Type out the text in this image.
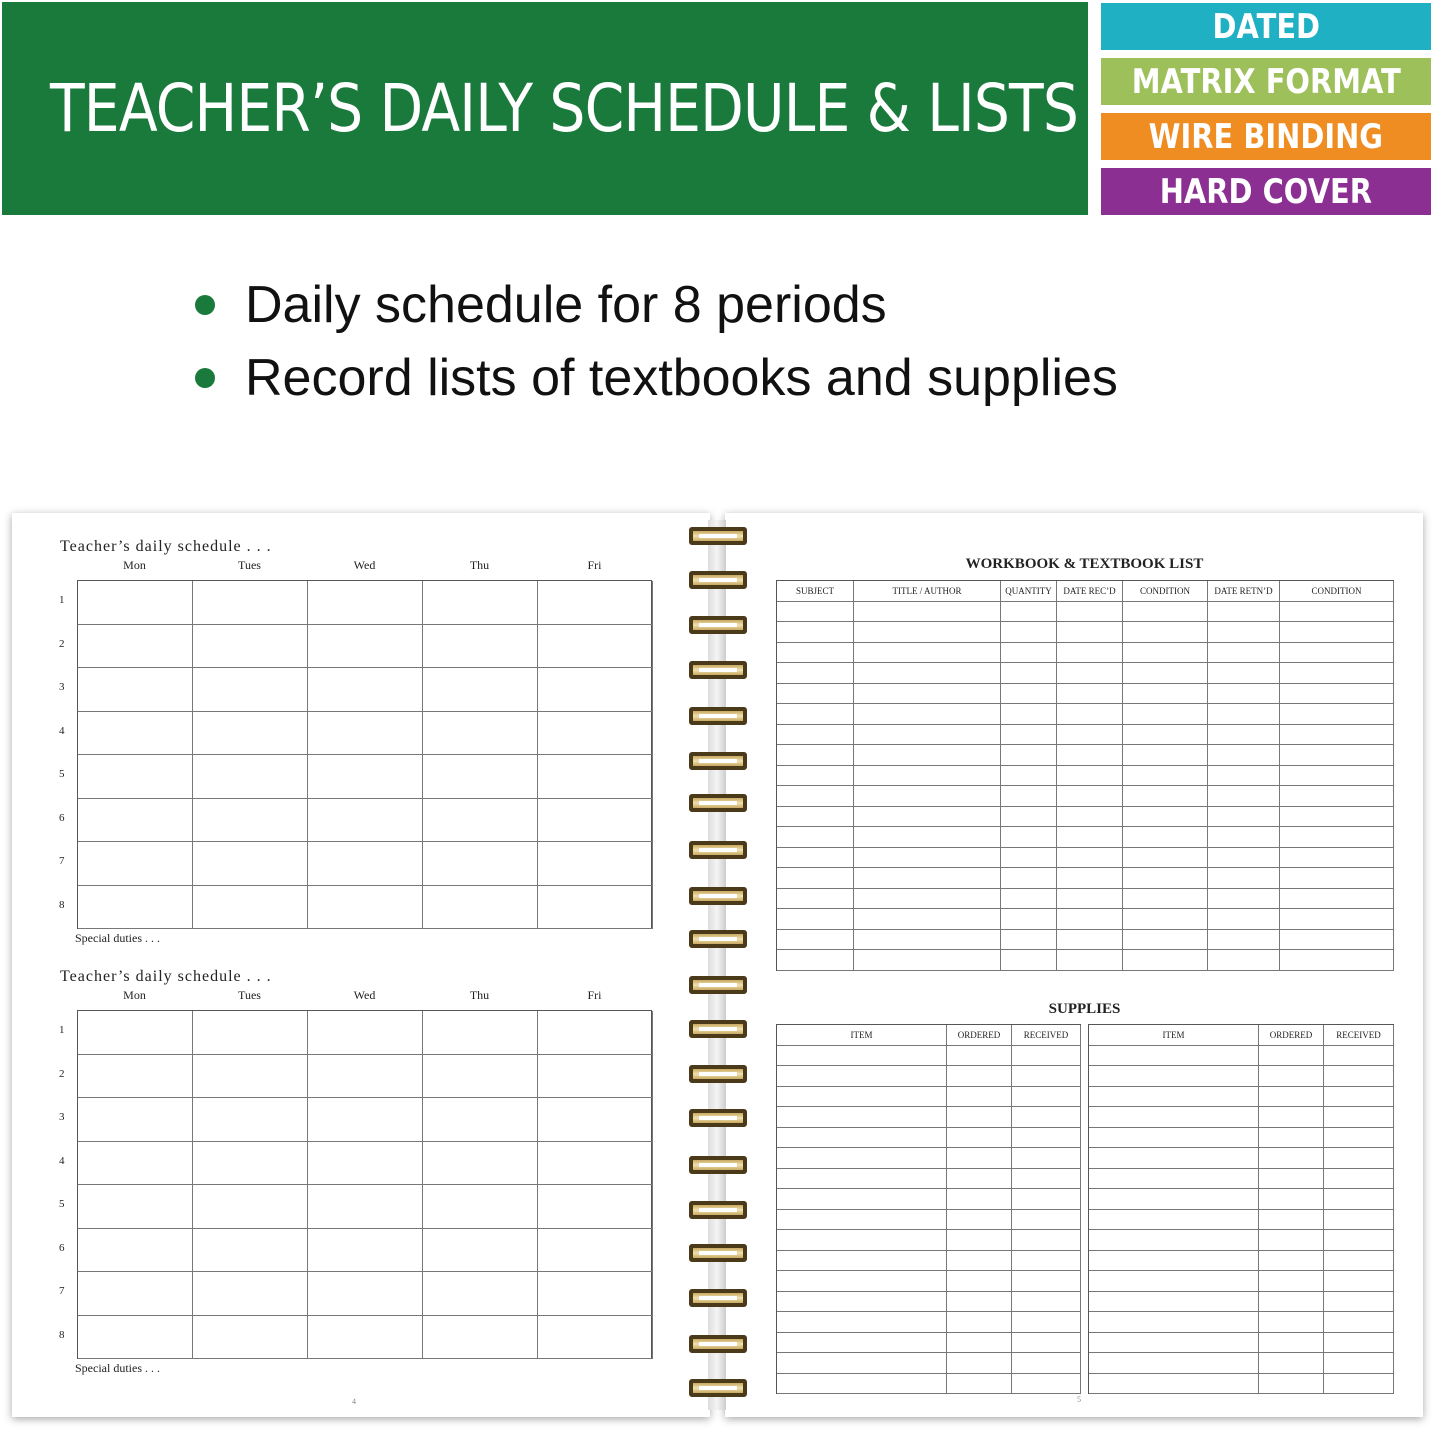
TEACHER’S DAILY SCHEDULE & LISTS
DATED
MATRIX FORMAT
WIRE BINDING
HARD COVER
Daily schedule for 8 periods
Record lists of textbooks and supplies
Teacher’s daily schedule . . .
Mon	Tues	Wed	Thu	Fri
1
2
3
4
5
6
7
8
Special duties . . .
Teacher’s daily schedule . . .
Mon	Tues	Wed	Thu	Fri
1
2
3
4
5
6
7
8
Special duties . . .
4
WORKBOOK & TEXTBOOK LIST
SUBJECT	TITLE / AUTHOR	QUANTITY	DATE REC’D	CONDITION	DATE RETN’D	CONDITION
SUPPLIES
ITEM	ORDERED	RECEIVED	ITEM	ORDERED	RECEIVED
5
